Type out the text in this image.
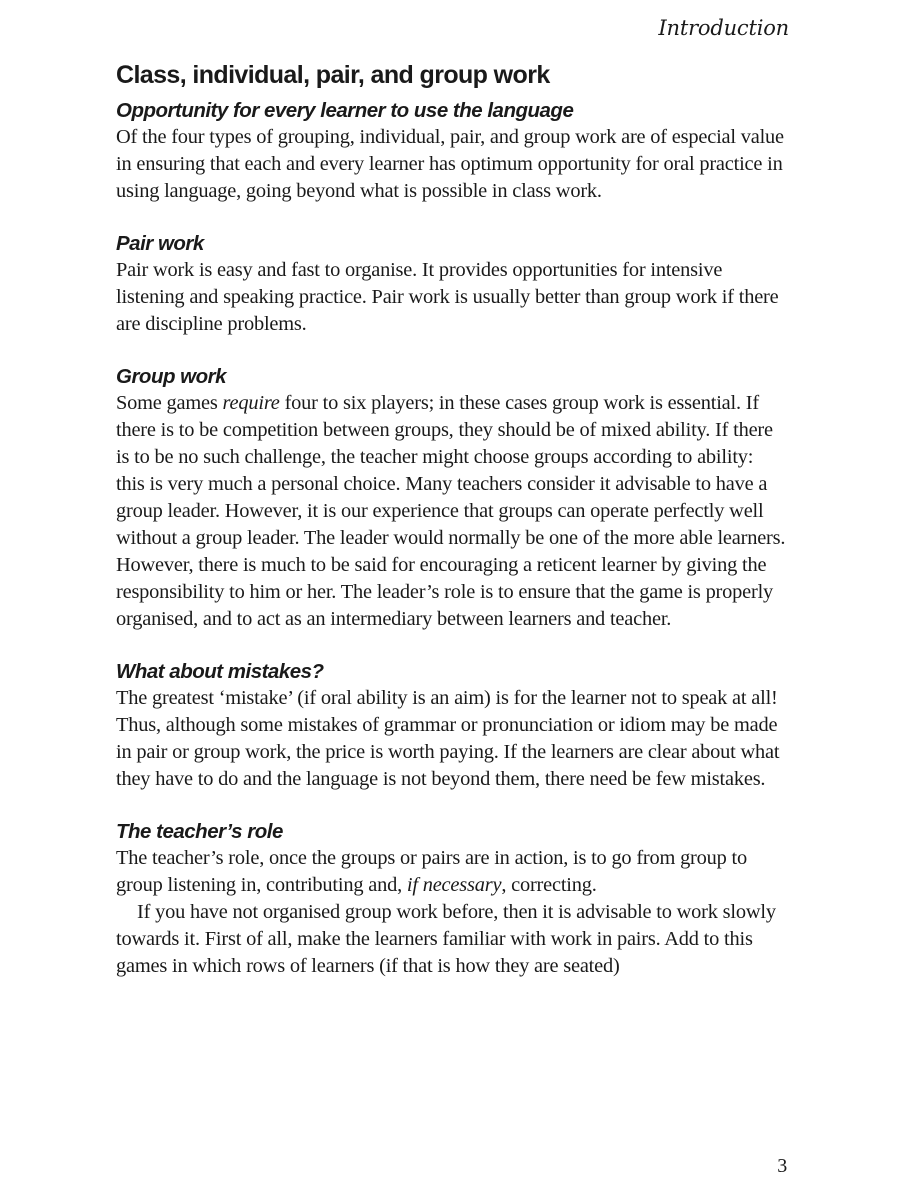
Introduction

Class, individual, pair, and group work
Opportunity for every learner to use the language

Of the four types of grouping, individual, pair, and group work are of especial value in ensuring that each and every learner has optimum opportunity for oral practice in using language, going beyond what is possible in class work.

Pair work

Pair work is easy and fast to organise. It provides opportunities for intensive listening and speaking practice. Pair work is usually better than group work if there are discipline problems.

Group work

Some games require four to six players; in these cases group work is essential. If there is to be competition between groups, they should be of mixed ability. If there is to be no such challenge, the teacher might choose groups according to ability: this is very much a personal choice. Many teachers consider it advisable to have a group leader. However, it is our experience that groups can operate perfectly well without a group leader. The leader would normally be one of the more able learners. However, there is much to be said for encouraging a reticent learner by giving the responsibility to him or her. The leader’s role is to ensure that the game is properly organised, and to act as an intermediary between learners and teacher.

What about mistakes?

The greatest ‘mistake’ (if oral ability is an aim) is for the learner not to speak at all! Thus, although some mistakes of grammar or pronunciation or idiom may be made in pair or group work, the price is worth paying. If the learners are clear about what they have to do and the language is not beyond them, there need be few mistakes.

The teacher’s role

The teacher’s role, once the groups or pairs are in action, is to go from group to group listening in, contributing and, if necessary, correcting.

If you have not organised group work before, then it is advisable to work slowly towards it. First of all, make the learners familiar with work in pairs. Add to this games in which rows of learners (if that is how they are seated)

3
